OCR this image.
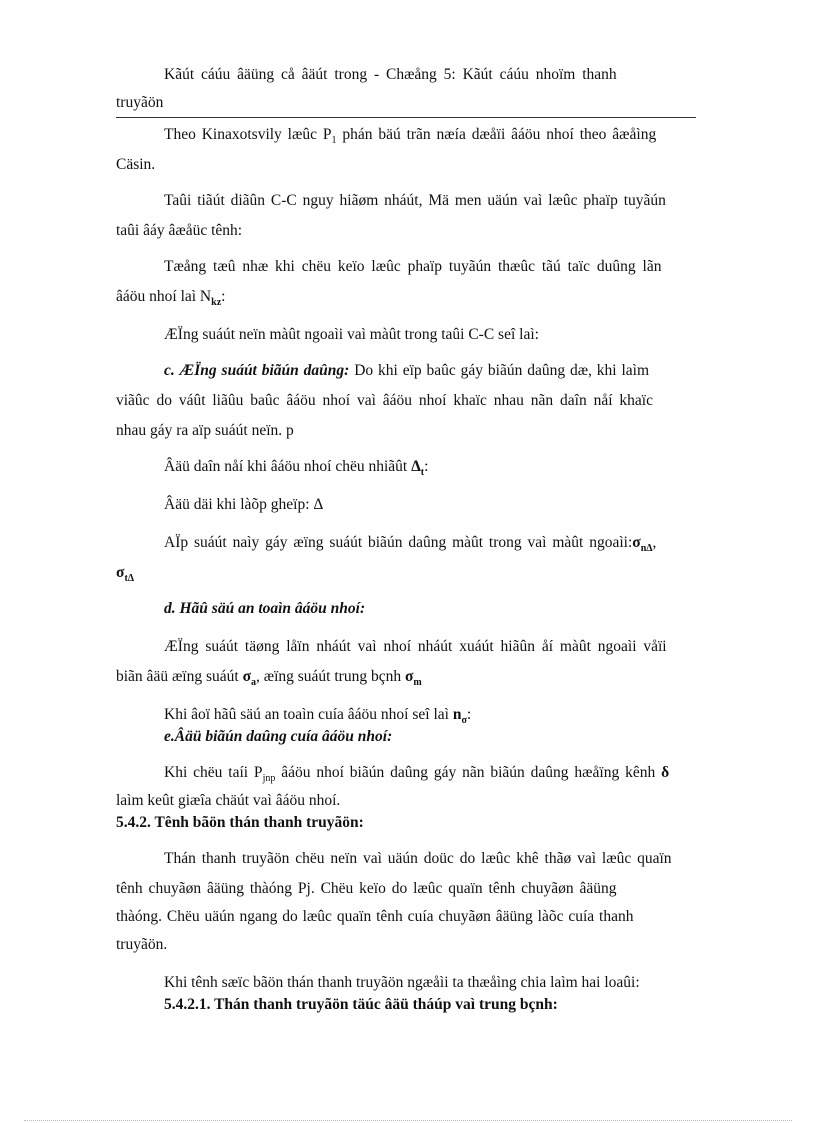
Kãút cáúu âäüng cå âäút trong - Chæång 5: Kãút cáúu nhoïm thanh
truyãön
Theo Kinaxotsvily læûc $P_1$ phán bäú trãn næía dæåïi âáöu nhoí theo âæåìng
Cäsin.
Taûi tiãút diãûn C-C nguy hiãøm nháút, Mä men uäún vaì læûc phaïp tuyãún
taûi âáy âæåüc tênh:
Tæång tæû nhæ khi chëu keïo læûc phaïp tuyãún thæûc tãú taïc duûng lãn
âáöu nhoí laì $N_{kz}$:
ÆÏng suáút neïn màût ngoaìi vaì màût trong taûi C-C seî laì:
c. ÆÏng suáút biãún daûng: Do khi eïp baûc gáy biãún daûng dæ, khi laìm
viãûc do váût liãûu baûc âáöu nhoí vaì âáöu nhoí khaïc nhau nãn daîn nåí khaïc
nhau gáy ra aïp suáút neïn. p
Âäü daîn nåí khi âáöu nhoí chëu nhiãût $\Delta_t$:
Âäü däi khi làõp gheïp: Δ
AÏp suáút naìy gáy æïng suáút biãún daûng màût trong vaì màût $ngoaìi:\sigma_{n\Delta}$,
$\sigma_{t\Delta}$
d. Hãû säú an toaìn âáöu nhoí:
ÆÏng suáút täøng låïn nháút vaì nhoí nháút xuáút hiãûn åí màût ngoaìi våïi
biãn âäü æïng suáút $\sigma_a$, æïng suáút trung bçnh $\sigma_m$
Khi âoï hãû säú an toaìn cuía âáöu nhoí seî laì $n_\sigma$:
e.Âäü biãún daûng cuía âáöu nhoí:
Khi chëu taíi $P_{jnp}$ âáöu nhoí biãún daûng gáy nãn biãún daûng hæåïng kênh δ
laìm keût giæîa chäút vaì âáöu nhoí.
5.4.2. Tênh bãön thán thanh truyãön:
Thán thanh truyãön chëu neïn vaì uäún doüc do læûc khê thãø vaì læûc quaïn
tênh chuyãøn âäüng thàóng Pj. Chëu keïo do læûc quaïn tênh chuyãøn âäüng
thàóng. Chëu uäún ngang do læûc quaïn tênh cuía chuyãøn âäüng làõc cuía thanh
truyãön.
Khi tênh sæïc bãön thán thanh truyãön ngæåìi ta thæåìng chia laìm hai loaûi:
5.4.2.1. Thán thanh truyãön täúc âäü tháúp vaì trung bçnh:
